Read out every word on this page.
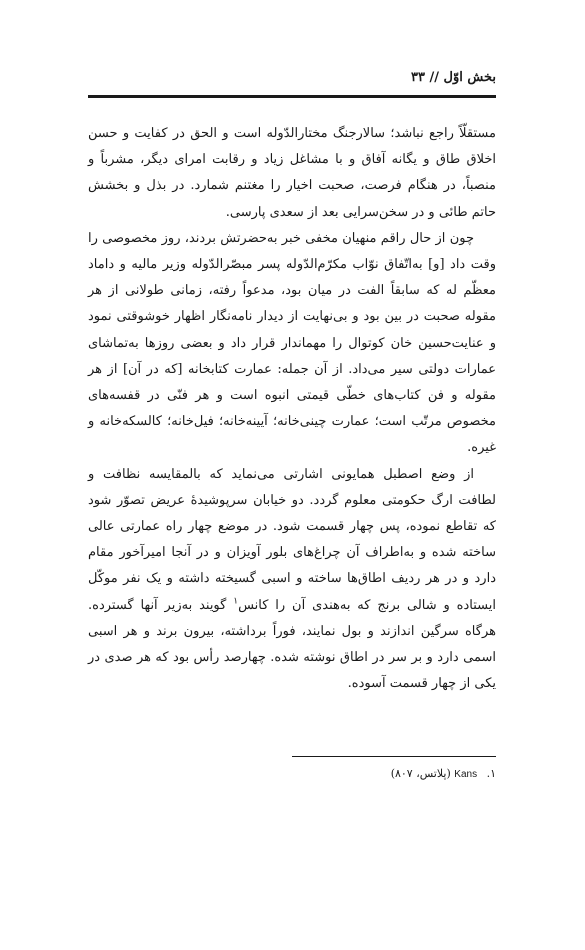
بخش اوّل // ۳۳

مستقلّاً راجع نباشد؛ سالارجنگ مختارالدّوله است و الحق در کفایت و حسن اخلاق طاق و یگانه آفاق و با مشاغل زیاد و رقابت امرای دیگر، مشرباً و منصباً، در هنگام فرصت، صحبت اخیار را مغتنم شمارد. در بذل و بخشش حاتم طائی و در سخن‌سرایی بعد از سعدی پارسی.

چون از حال راقم منهیان مخفی خبر به‌حضرتش بردند، روز مخصوصی را وقت داد [و] به‌اتّفاق نوّاب مکرّم‌الدّوله پسر مبصّرالدّوله وزیر مالیه و داماد معظّم له که سابقاً الفت در میان بود، مدعواً رفته، زمانی طولانی از هر مقوله صحبت در بین بود و بی‌نهایت از دیدار نامه‌نگار اظهار خوشوقتی نمود و عنایت‌حسین خان کوتوال را مهماندار قرار داد و بعضی روزها به‌تماشای عمارات دولتی سیر می‌داد. از آن جمله: عمارت کتابخانه [که در آن] از هر مقوله و فن کتاب‌های خطّی قیمتی انبوه است و هر فنّی در قفسه‌های مخصوص مرتّب است؛ عمارت چینی‌خانه؛ آیینه‌خانه؛ فیل‌خانه؛ کالسکه‌خانه و غیره.

از وضع اصطبل همایونی اشارتی می‌نماید که بالمقایسه نظافت و لطافت ارگ حکومتی معلوم گردد. دو خیابان سرپوشیدهٔ عریض تصوّر شود که تقاطع نموده، پس چهار قسمت شود. در موضع چهار راه عمارتی عالی ساخته شده و به‌اطراف آن چراغ‌های بلور آویزان و در آنجا امیرآخور مقام دارد و در هر ردیف اطاق‌ها ساخته و اسبی گسیخته داشته و یک نفر موکّل ایستاده و شالی برنج که به‌هندی آن را کانس$^۱$ گویند به‌زیر آنها گسترده. هرگاه سرگین اندازند و بول نمایند، فوراً برداشته، بیرون برند و هر اسبی اسمی دارد و بر سر در اطاق نوشته شده. چهارصد رأس بود که هر صدی در یکی از چهار قسمت آسوده.

۱. Kans (پلاتس، ۸۰۷)
